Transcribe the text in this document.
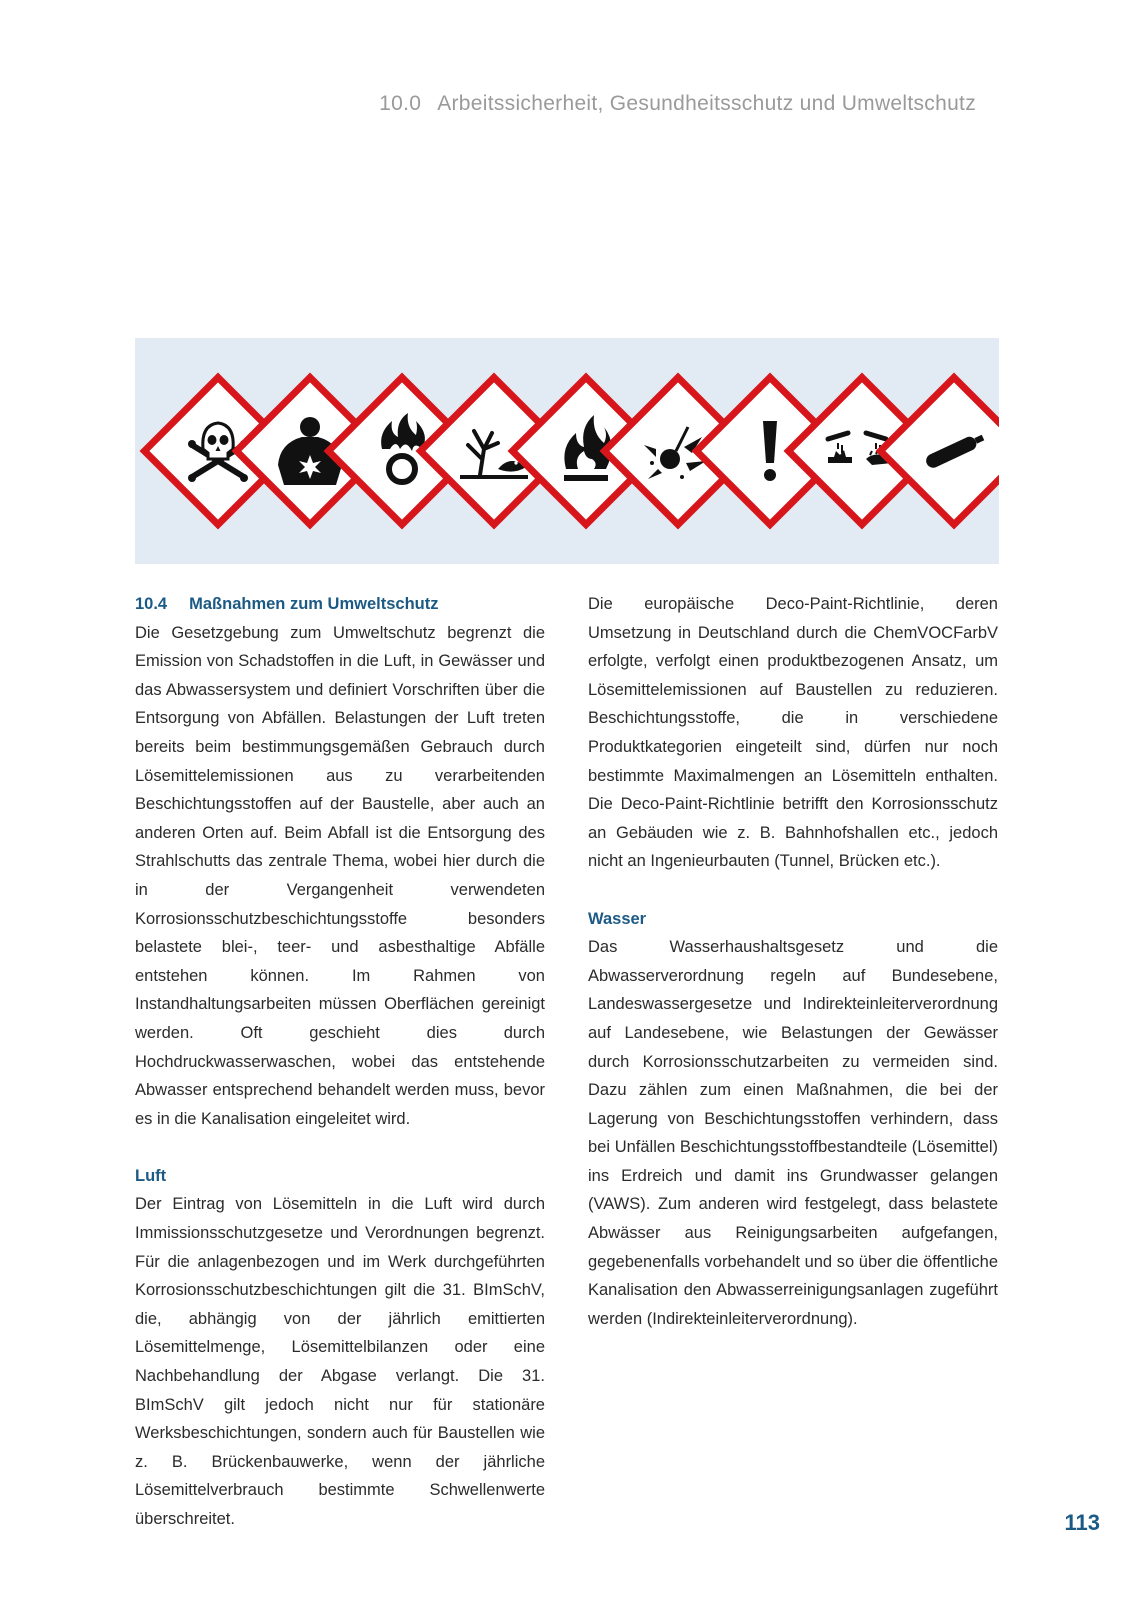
10.0 Arbeitssicherheit, Gesundheitsschutz und Umweltschutz
10.4 Maßnahmen zum Umweltschutz

Die Gesetzgebung zum Umweltschutz begrenzt die Emission von Schadstoffen in die Luft, in Gewässer und das Abwassersystem und definiert Vorschriften über die Entsorgung von Abfällen. Belastungen der Luft treten bereits beim bestimmungsgemäßen Gebrauch durch Lösemittelemissionen aus zu verarbeitenden Beschichtungsstoffen auf der Baustelle, aber auch an anderen Orten auf. Beim Abfall ist die Entsorgung des Strahlschutts das zentrale Thema, wobei hier durch die in der Vergangenheit verwendeten Korrosionsschutzbeschichtungsstoffe besonders belastete blei-, teer- und asbesthaltige Abfälle entstehen können. Im Rahmen von Instandhaltungsarbeiten müssen Oberflächen gereinigt werden. Oft geschieht dies durch Hochdruckwasserwaschen, wobei das entstehende Abwasser entsprechend behandelt werden muss, bevor es in die Kanalisation eingeleitet wird.

Luft

Der Eintrag von Lösemitteln in die Luft wird durch Immissionsschutzgesetze und Verordnungen begrenzt. Für die anlagenbezogen und im Werk durchgeführten Korrosionsschutzbeschichtungen gilt die 31. BImSchV, die, abhängig von der jährlich emittierten Lösemittelmenge, Lösemittelbilanzen oder eine Nachbehandlung der Abgase verlangt. Die 31. BImSchV gilt jedoch nicht nur für stationäre Werksbeschichtungen, sondern auch für Baustellen wie z. B. Brückenbauwerke, wenn der jährliche Lösemittelverbrauch bestimmte Schwellenwerte überschreitet.

Die europäische Deco-Paint-Richtlinie, deren Umsetzung in Deutschland durch die ChemVOCFarbV erfolgte, verfolgt einen produktbezogenen Ansatz, um Lösemittelemissionen auf Baustellen zu reduzieren. Beschichtungsstoffe, die in verschiedene Produktkategorien eingeteilt sind, dürfen nur noch bestimmte Maximalmengen an Lösemitteln enthalten. Die Deco-Paint-Richtlinie betrifft den Korrosionsschutz an Gebäuden wie z. B. Bahnhofshallen etc., jedoch nicht an Ingenieurbauten (Tunnel, Brücken etc.).

Wasser

Das Wasserhaushaltsgesetz und die Abwasserverordnung regeln auf Bundesebene, Landeswassergesetze und Indirekteinleiterverordnung auf Landesebene, wie Belastungen der Gewässer durch Korrosionsschutzarbeiten zu vermeiden sind. Dazu zählen zum einen Maßnahmen, die bei der Lagerung von Beschichtungsstoffen verhindern, dass bei Unfällen Beschichtungsstoffbestandteile (Lösemittel) ins Erdreich und damit ins Grundwasser gelangen (VAWS). Zum anderen wird festgelegt, dass belastete Abwässer aus Reinigungsarbeiten aufgefangen, gegebenenfalls vorbehandelt und so über die öffentliche Kanalisation den Abwasserreinigungsanlagen zugeführt werden (Indirekteinleiterverordnung).

113
